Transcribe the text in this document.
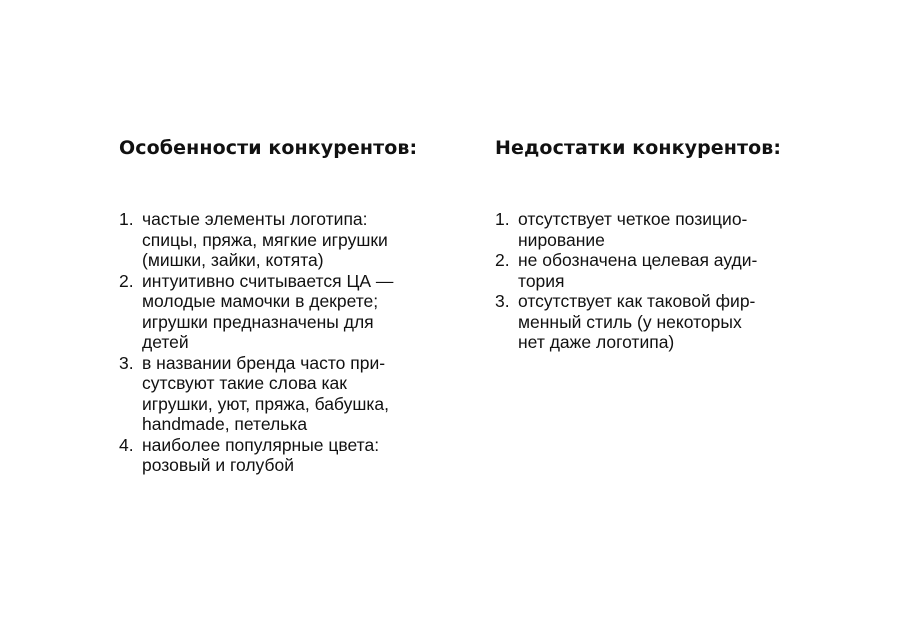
Особенности конкурентов:
1. частые элементы логотипа:
спицы, пряжа, мягкие игрушки
(мишки, зайки, котята)
2. интуитивно считывается ЦА —
молодые мамочки в декрете;
игрушки предназначены для
детей
3. в названии бренда часто при-
сутсвуют такие слова как
игрушки, уют, пряжа, бабушка,
handmade, петелька
4. наиболее популярные цвета:
розовый и голубой
Недостатки конкурентов:
1. отсутствует четкое позицио-
нирование
2. не обозначена целевая ауди-
тория
3. отсутствует как таковой фир-
менный стиль (у некоторых
нет даже логотипа)
